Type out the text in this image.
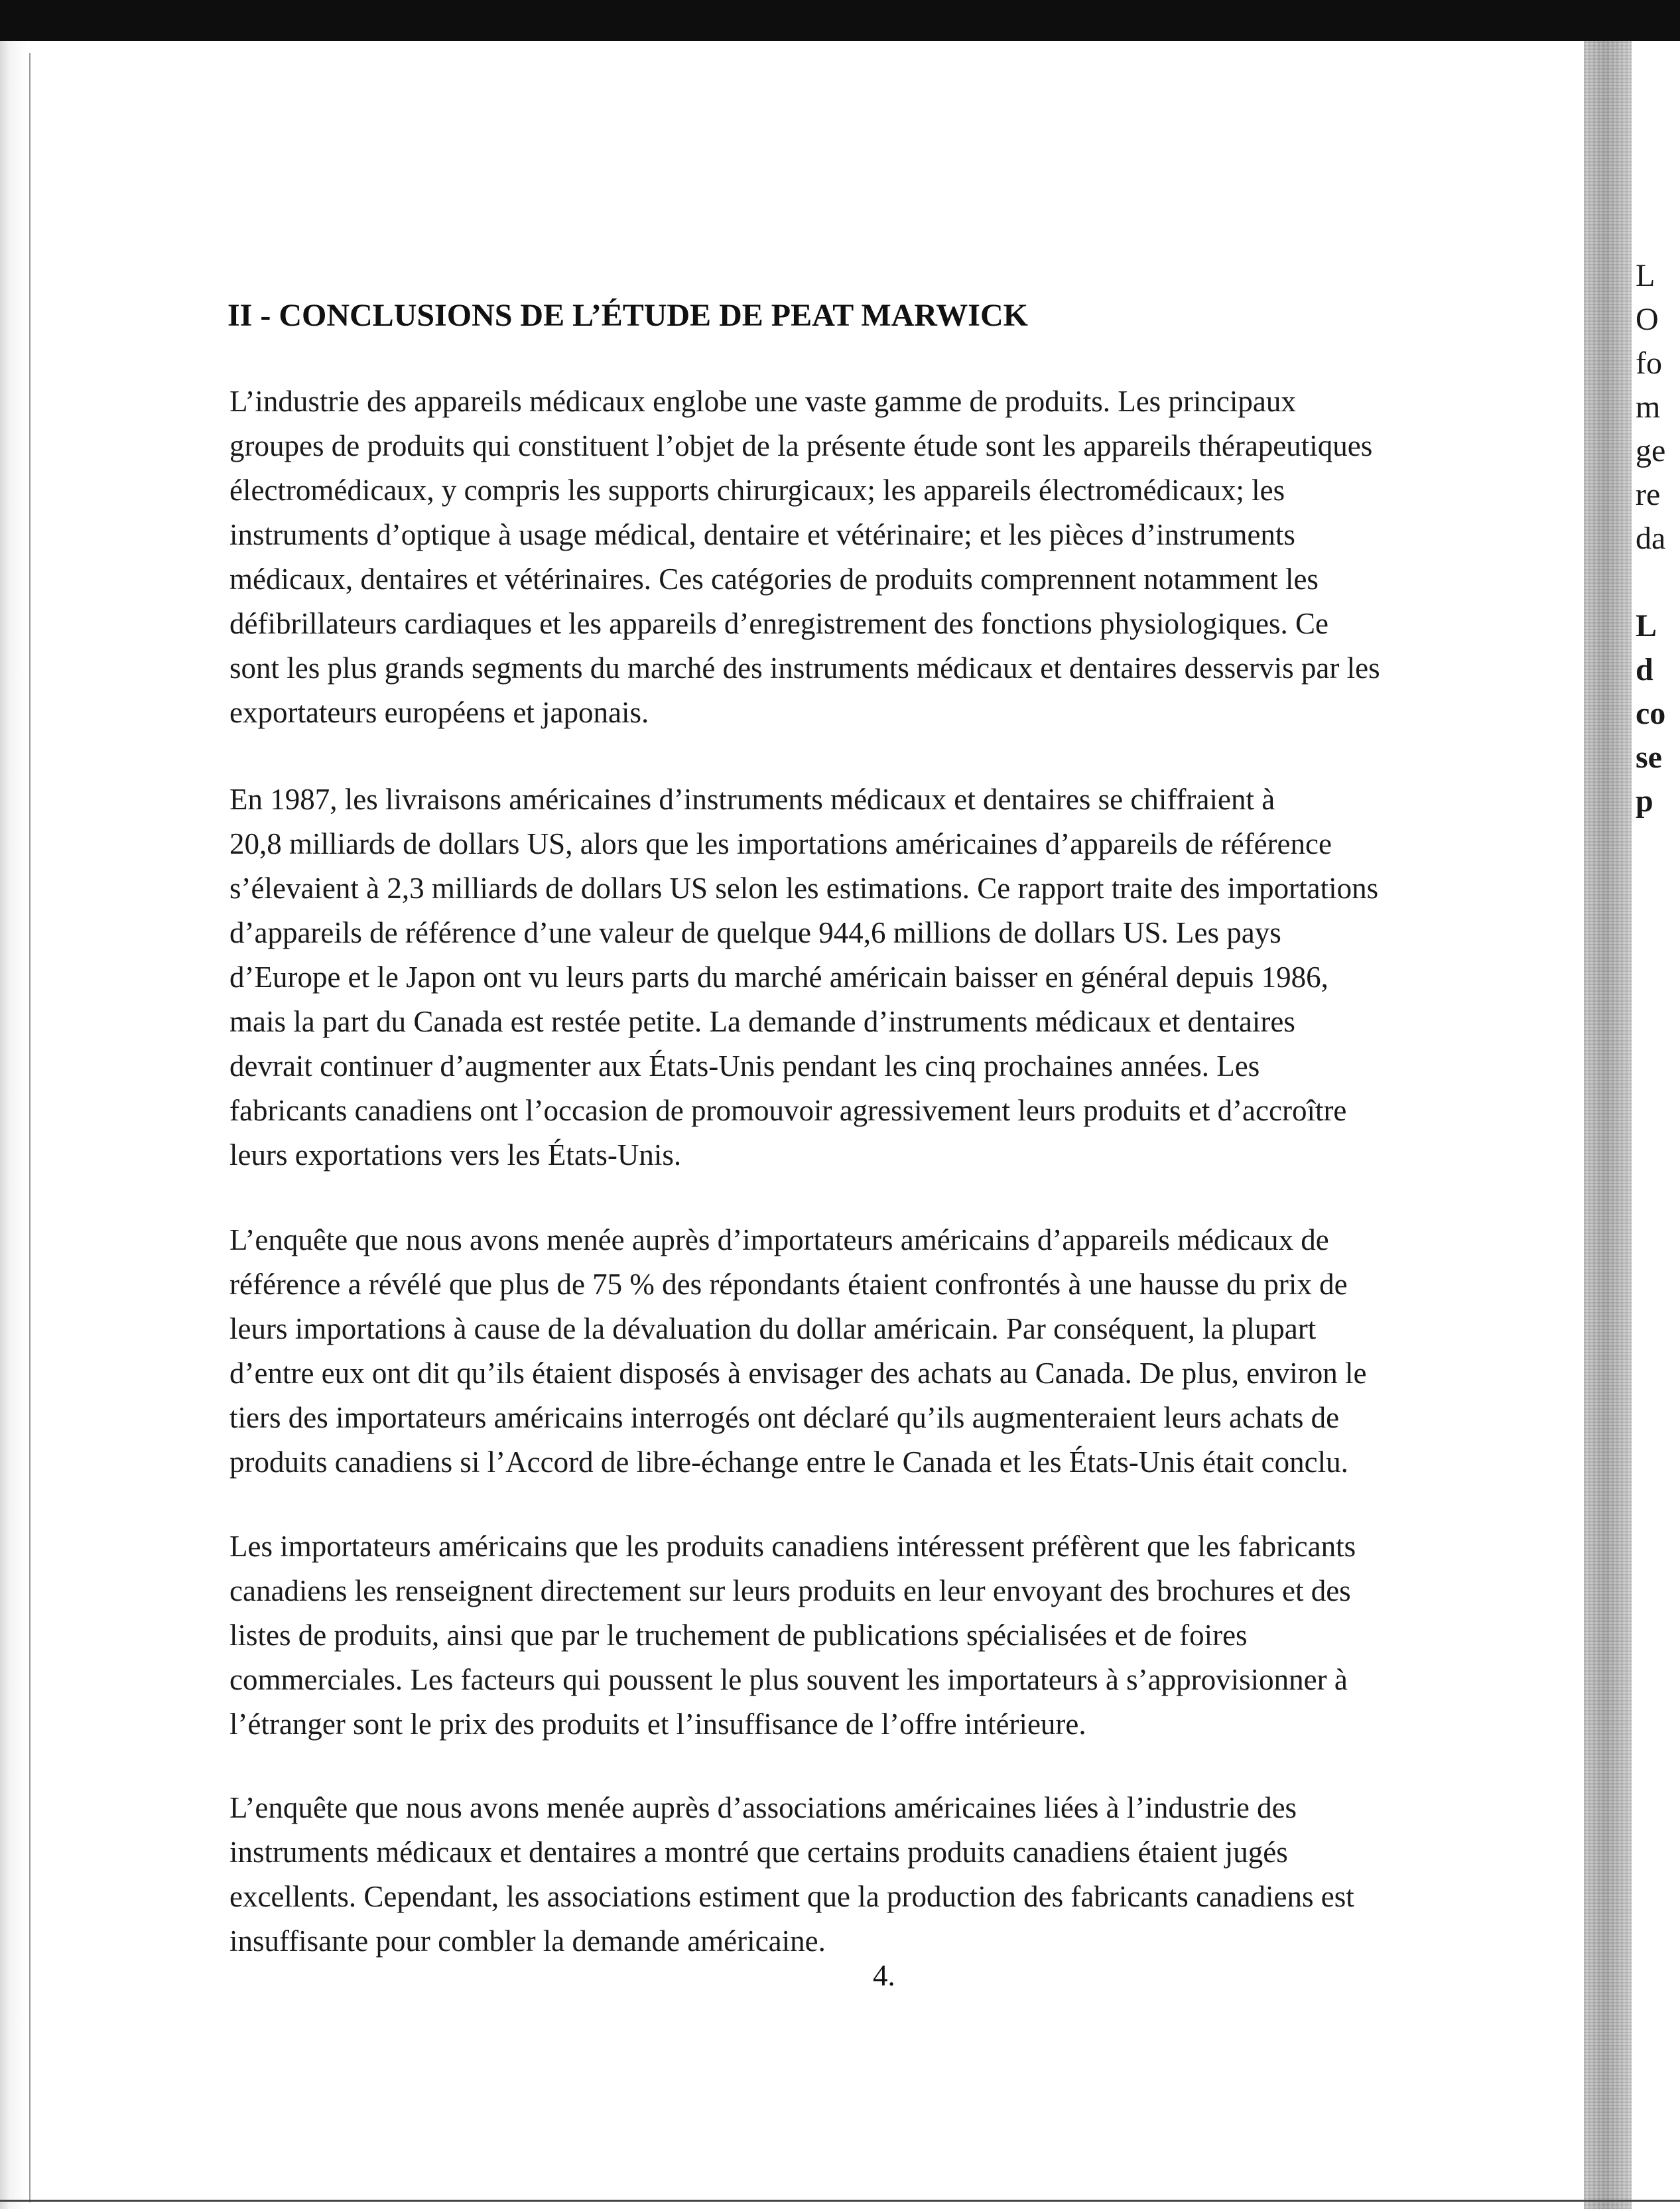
II - CONCLUSIONS DE L’ÉTUDE DE PEAT MARWICK
L’industrie des appareils médicaux englobe une vaste gamme de produits. Les principaux
groupes de produits qui constituent l’objet de la présente étude sont les appareils thérapeutiques
électromédicaux, y compris les supports chirurgicaux; les appareils électromédicaux; les
instruments d’optique à usage médical, dentaire et vétérinaire; et les pièces d’instruments
médicaux, dentaires et vétérinaires. Ces catégories de produits comprennent notamment les
défibrillateurs cardiaques et les appareils d’enregistrement des fonctions physiologiques. Ce
sont les plus grands segments du marché des instruments médicaux et dentaires desservis par les
exportateurs européens et japonais.
En 1987, les livraisons américaines d’instruments médicaux et dentaires se chiffraient à
20,8 milliards de dollars US, alors que les importations américaines d’appareils de référence
s’élevaient à 2,3 milliards de dollars US selon les estimations. Ce rapport traite des importations
d’appareils de référence d’une valeur de quelque 944,6 millions de dollars US. Les pays
d’Europe et le Japon ont vu leurs parts du marché américain baisser en général depuis 1986,
mais la part du Canada est restée petite. La demande d’instruments médicaux et dentaires
devrait continuer d’augmenter aux États-Unis pendant les cinq prochaines années. Les
fabricants canadiens ont l’occasion de promouvoir agressivement leurs produits et d’accroître
leurs exportations vers les États-Unis.
L’enquête que nous avons menée auprès d’importateurs américains d’appareils médicaux de
référence a révélé que plus de 75 % des répondants étaient confrontés à une hausse du prix de
leurs importations à cause de la dévaluation du dollar américain. Par conséquent, la plupart
d’entre eux ont dit qu’ils étaient disposés à envisager des achats au Canada. De plus, environ le
tiers des importateurs américains interrogés ont déclaré qu’ils augmenteraient leurs achats de
produits canadiens si l’Accord de libre-échange entre le Canada et les États-Unis était conclu.
Les importateurs américains que les produits canadiens intéressent préfèrent que les fabricants
canadiens les renseignent directement sur leurs produits en leur envoyant des brochures et des
listes de produits, ainsi que par le truchement de publications spécialisées et de foires
commerciales. Les facteurs qui poussent le plus souvent les importateurs à s’approvisionner à
l’étranger sont le prix des produits et l’insuffisance de l’offre intérieure.
L’enquête que nous avons menée auprès d’associations américaines liées à l’industrie des
instruments médicaux et dentaires a montré que certains produits canadiens étaient jugés
excellents. Cependant, les associations estiment que la production des fabricants canadiens est
insuffisante pour combler la demande américaine.
4.
L
O
fo
m
ge
re
da
L
d
co
se
p
